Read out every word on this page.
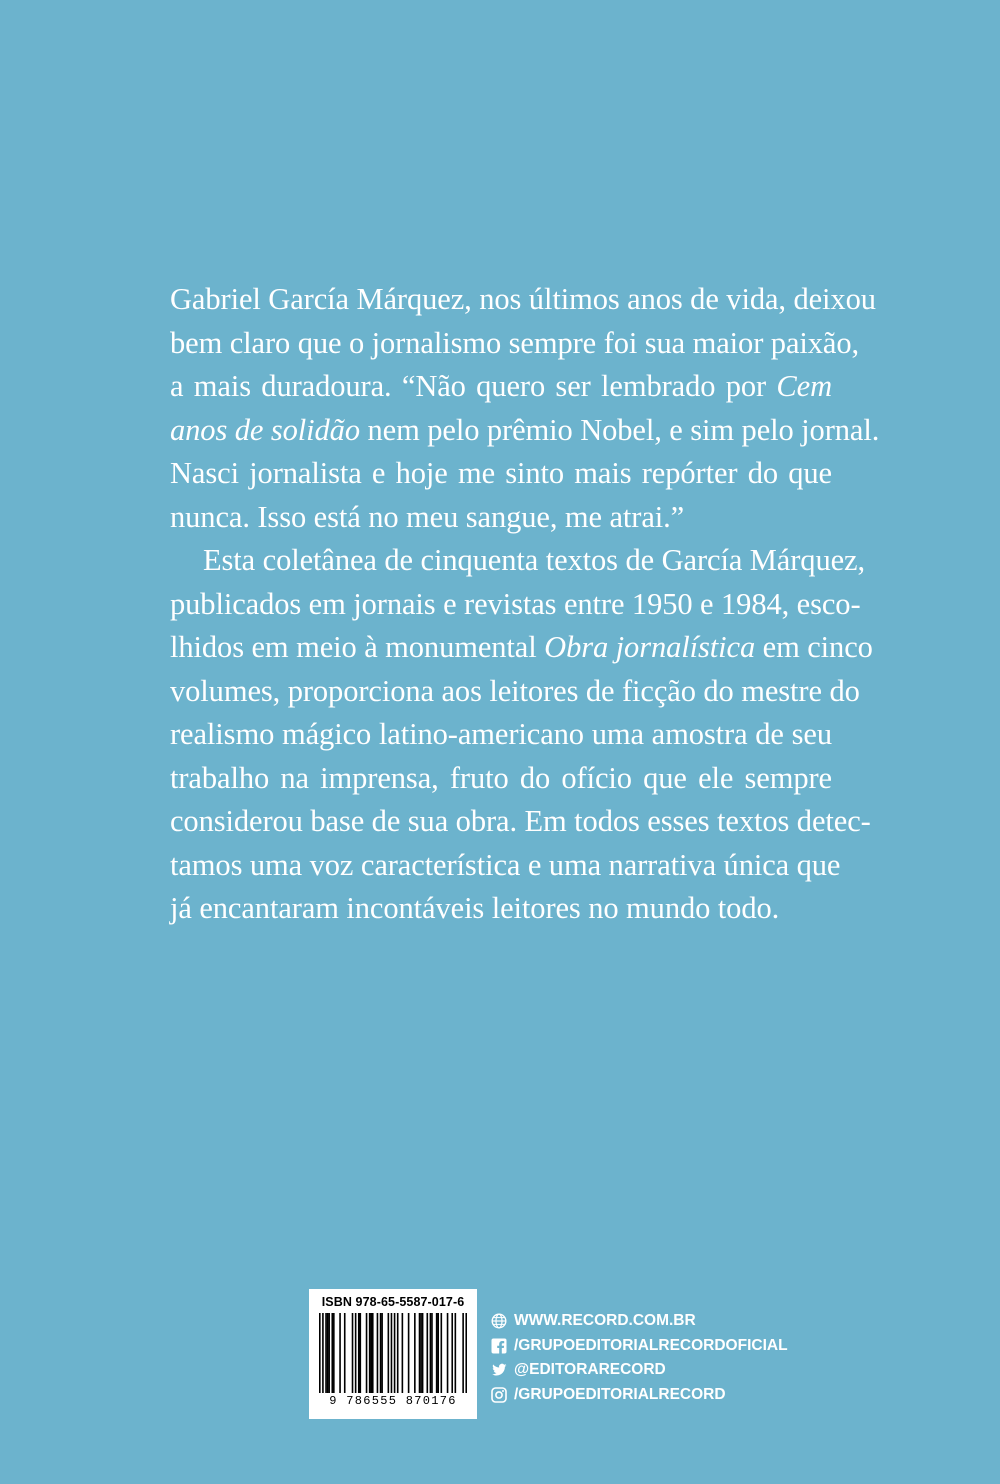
Gabriel García Márquez, nos últimos anos de vida, deixou
bem claro que o jornalismo sempre foi sua maior paixão,
a mais duradoura. “Não quero ser lembrado por Cem
anos de solidão nem pelo prêmio Nobel, e sim pelo jornal.
Nasci jornalista e hoje me sinto mais repórter do que
nunca. Isso está no meu sangue, me atrai.”
Esta coletânea de cinquenta textos de García Márquez,
publicados em jornais e revistas entre 1950 e 1984, esco-
lhidos em meio à monumental Obra jornalística em cinco
volumes, proporciona aos leitores de ficção do mestre do
realismo mágico latino-americano uma amostra de seu
trabalho na imprensa, fruto do ofício que ele sempre
considerou base de sua obra. Em todos esses textos detec-
tamos uma voz característica e uma narrativa única que
já encantaram incontáveis leitores no mundo todo.
ISBN 978-65-5587-017-6
9 786555 870176
WWW.RECORD.COM.BR
/GRUPOEDITORIALRECORDOFICIAL
@EDITORARECORD
/GRUPOEDITORIALRECORD
